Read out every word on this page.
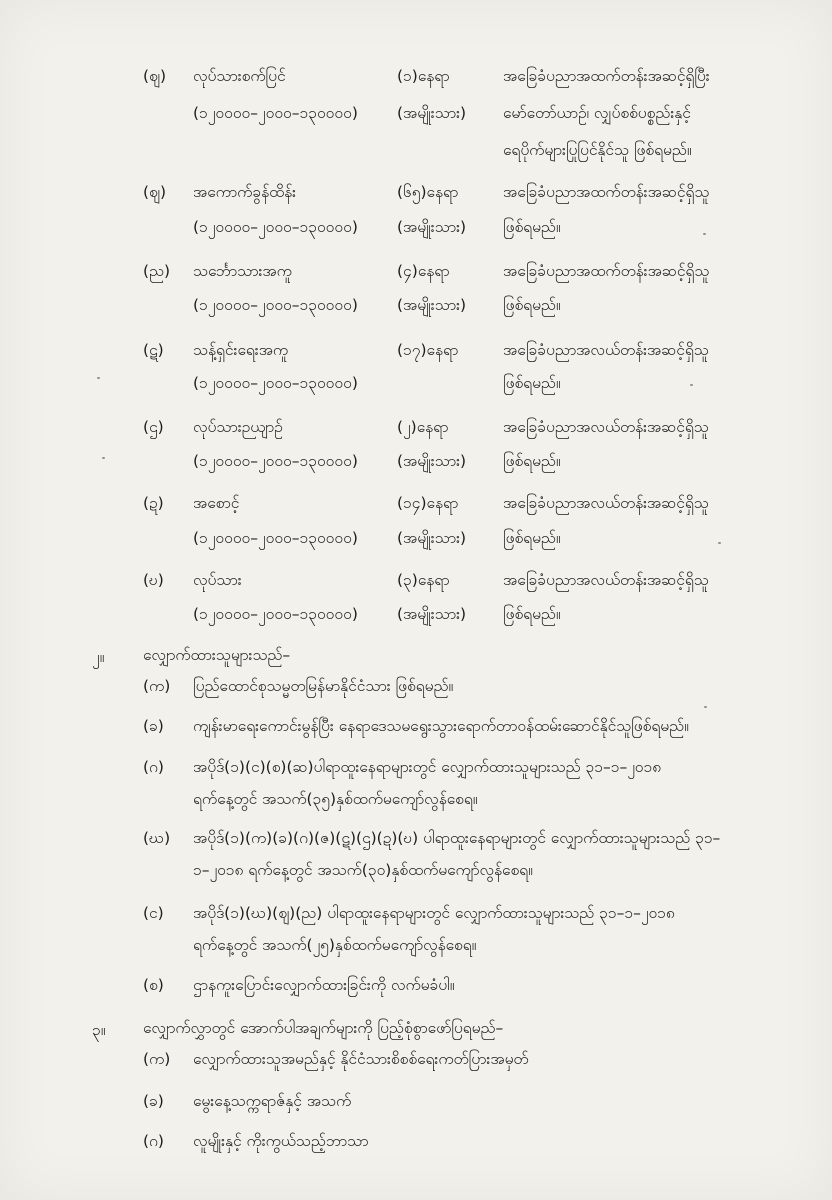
(ဈ) လုပ်သားစက်ပြင်
(၁၂၀၀၀၀–၂၀၀၀–၁၃၀၀၀၀)
(၁)နေရာ
(အမျိုးသား)
အခြေခံပညာအထက်တန်းအဆင့်ရှိပြီး
မော်တော်ယာဉ်၊ လျှပ်စစ်ပစ္စည်းနှင့်
ရေပိုက်များပြုပြင်နိုင်သူ ဖြစ်ရမည်။
(ဈ) အကောက်ခွန်ထိန်း
(၁၂၀၀၀၀–၂၀၀၀–၁၃၀၀၀၀)
(၆၅)နေရာ
(အမျိုးသား)
အခြေခံပညာအထက်တန်းအဆင့်ရှိသူ
ဖြစ်ရမည်။
(ည) သင်္ဘောသားအကူ
(၁၂၀၀၀၀–၂၀၀၀–၁၃၀၀၀၀)
(၄)နေရာ
(အမျိုးသား)
အခြေခံပညာအထက်တန်းအဆင့်ရှိသူ
ဖြစ်ရမည်။
(ဋ) သန့်ရှင်းရေးအကူ
(၁၂၀၀၀၀–၂၀၀၀–၁၃၀၀၀၀)
(၁၇)နေရာ	အခြေခံပညာအလယ်တန်းအဆင့်ရှိသူ
ဖြစ်ရမည်။
(ဌ) လုပ်သားဉယျာဉ်
(၁၂၀၀၀၀–၂၀၀၀–၁၃၀၀၀၀)
(၂)နေရာ
(အမျိုးသား)
အခြေခံပညာအလယ်တန်းအဆင့်ရှိသူ
ဖြစ်ရမည်။
(ဍ) အစောင့်
(၁၂၀၀၀၀–၂၀၀၀–၁၃၀၀၀၀)
(၁၄)နေရာ
(အမျိုးသား)
အခြေခံပညာအလယ်တန်းအဆင့်ရှိသူ
ဖြစ်ရမည်။
(ဎ) လုပ်သား
(၁၂၀၀၀၀–၂၀၀၀–၁၃၀၀၀၀)
(၃)နေရာ
(အမျိုးသား)
အခြေခံပညာအလယ်တန်းအဆင့်ရှိသူ
ဖြစ်ရမည်။
၂။ လျှောက်ထားသူများသည်–
(က) ပြည်ထောင်စုသမ္မတမြန်မာနိုင်ငံသား ဖြစ်ရမည်။
(ခ) ကျန်းမာရေးကောင်းမွန်ပြီး နေရာဒေသမရွေးသွားရောက်တာဝန်ထမ်းဆောင်နိုင်သူဖြစ်ရမည်။
(ဂ) အပိုဒ်(၁)(င)(စ)(ဆ)ပါရာထူးနေရာများတွင် လျှောက်ထားသူများသည် ၃၁–၁–၂၀၁၈
ရက်နေ့တွင် အသက်(၃၅)နှစ်ထက်မကျော်လွန်စေရ။
(ဃ) အပိုဒ်(၁)(က)(ခ)(ဂ)(ဇ)(ဋ)(ဌ)(ဍ)(ဎ) ပါရာထူးနေရာများတွင် လျှောက်ထားသူများသည် ၃၁–
၁–၂၀၁၈ ရက်နေ့တွင် အသက်(၃၀)နှစ်ထက်မကျော်လွန်စေရ။
(င) အပိုဒ်(၁)(ဃ)(ဈ)(ည) ပါရာထူးနေရာများတွင် လျှောက်ထားသူများသည် ၃၁–၁–၂၀၁၈
ရက်နေ့တွင် အသက်(၂၅)နှစ်ထက်မကျော်လွန်စေရ။
(စ) ဌာနကူးပြောင်းလျှောက်ထားခြင်းကို လက်မခံပါ။
၃။ လျှောက်လွှာတွင် အောက်ပါအချက်များကို ပြည့်စုံစွာဖော်ပြရမည်–
(က) လျှောက်ထားသူအမည်နှင့် နိုင်ငံသားစိစစ်ရေးကတ်ပြားအမှတ်
(ခ) မွေးနေ့သက္ကရာဇ်နှင့် အသက်
(ဂ) လူမျိုးနှင့် ကိုးကွယ်သည့်ဘာသာ
